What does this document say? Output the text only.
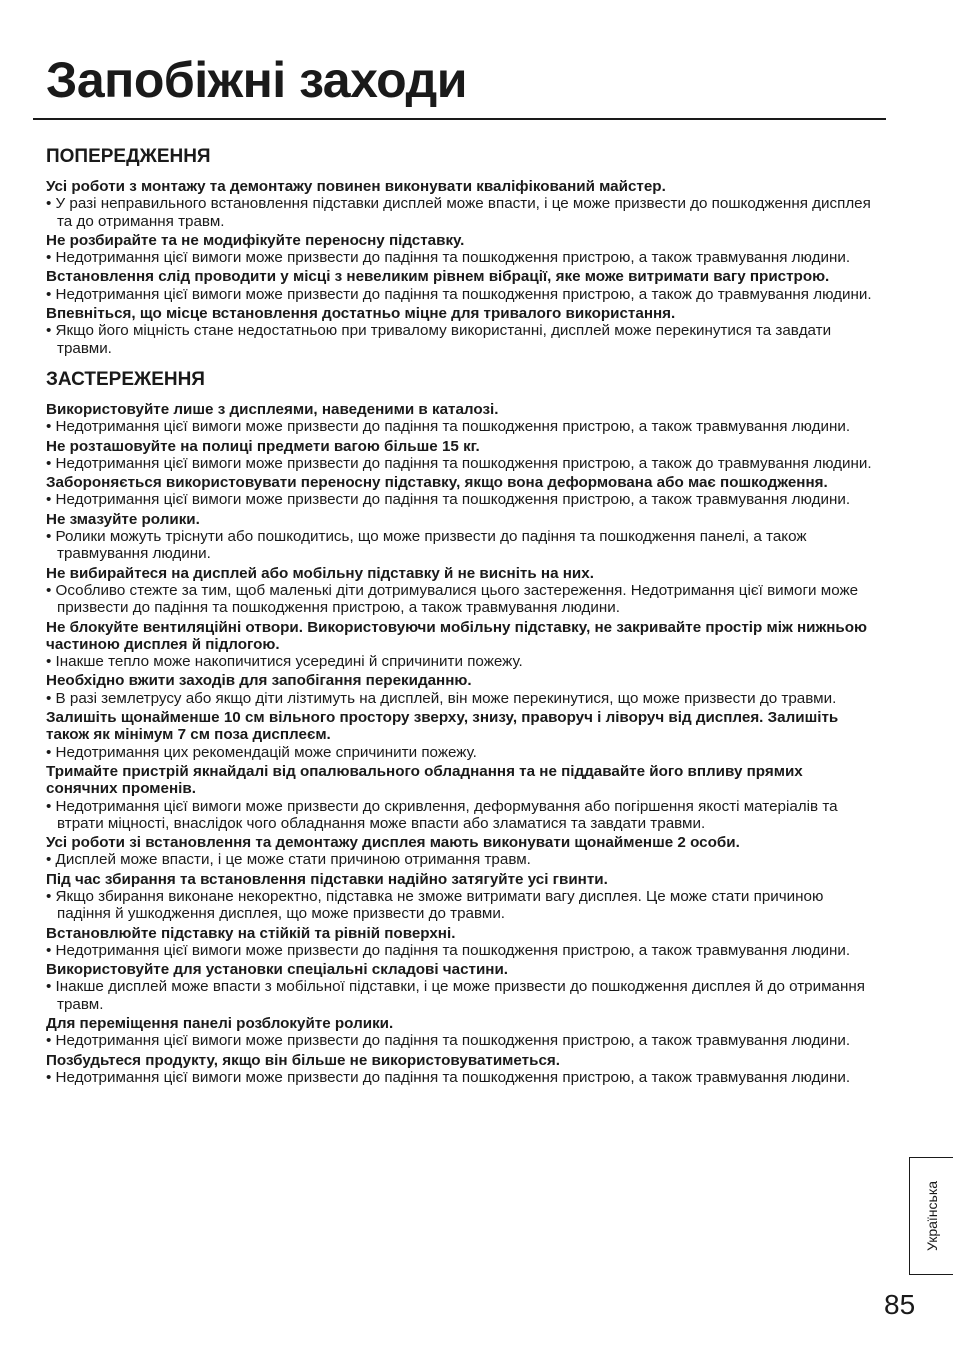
Запобіжні заходи
ПОПЕРЕДЖЕННЯ
Усі роботи з монтажу та демонтажу повинен виконувати кваліфікований майстер.
• У разі неправильного встановлення підставки дисплей може впасти, і це може призвести до пошкодження дисплея та до отримання травм.
Не розбирайте та не модифікуйте переносну підставку.
• Недотримання цієї вимоги може призвести до падіння та пошкодження пристрою, а також травмування людини.
Встановлення слід проводити у місці з невеликим рівнем вібрації, яке може витримати вагу пристрою.
• Недотримання цієї вимоги може призвести до падіння та пошкодження пристрою, а також до травмування людини.
Впевніться, що місце встановлення достатньо міцне для тривалого використання.
• Якщо його міцність стане недостатньою при тривалому використанні, дисплей може перекинутися та завдати травми.
ЗАСТЕРЕЖЕННЯ
Використовуйте лише з дисплеями, наведеними в каталозі.
• Недотримання цієї вимоги може призвести до падіння та пошкодження пристрою, а також травмування людини.
Не розташовуйте на полиці предмети вагою більше 15 кг.
• Недотримання цієї вимоги може призвести до падіння та пошкодження пристрою, а також до травмування людини.
Забороняється використовувати переносну підставку, якщо вона деформована або має пошкодження.
• Недотримання цієї вимоги може призвести до падіння та пошкодження пристрою, а також травмування людини.
Не змазуйте ролики.
• Ролики можуть тріснути або пошкодитись, що може призвести до падіння та пошкодження панелі, а також травмування людини.
Не вибирайтеся на дисплей або мобільну підставку й не висніть на них.
• Особливо стежте за тим, щоб маленькі діти дотримувалися цього застереження. Недотримання цієї вимоги може призвести до падіння та пошкодження пристрою, а також травмування людини.
Не блокуйте вентиляційні отвори. Використовуючи мобільну підставку, не закривайте простір між нижньою частиною дисплея й підлогою.
• Інакше тепло може накопичитися усередині й спричинити пожежу.
Необхідно вжити заходів для запобігання перекиданню.
• В разі землетрусу або якщо діти лізтимуть на дисплей, він може перекинутися, що може призвести до травми.
Залишіть щонайменше 10 см вільного простору зверху, знизу, праворуч і ліворуч від дисплея. Залишіть також як мінімум 7 см поза дисплеєм.
• Недотримання цих рекомендацій може спричинити пожежу.
Тримайте пристрій якнайдалі від опалювального обладнання та не піддавайте його впливу прямих сонячних променів.
• Недотримання цієї вимоги може призвести до скривлення, деформування або погіршення якості матеріалів та втрати міцності, внаслідок чого обладнання може впасти або зламатися та завдати травми.
Усі роботи зі встановлення та демонтажу дисплея мають виконувати щонайменше 2 особи.
• Дисплей може впасти, і це може стати причиною отримання травм.
Під час збирання та встановлення підставки надійно затягуйте усі гвинти.
• Якщо збирання виконане некоректно, підставка не зможе витримати вагу дисплея. Це може стати причиною падіння й ушкодження дисплея, що може призвести до травми.
Встановлюйте підставку на стійкій та рівній поверхні.
• Недотримання цієї вимоги може призвести до падіння та пошкодження пристрою, а також травмування людини.
Використовуйте для установки спеціальні складові частини.
• Інакше дисплей може впасти з мобільної підставки, і це може призвести до пошкодження дисплея й до отримання травм.
Для переміщення панелі розблокуйте ролики.
• Недотримання цієї вимоги може призвести до падіння та пошкодження пристрою, а також травмування людини.
Позбудьтеся продукту, якщо він більше не використовуватиметься.
• Недотримання цієї вимоги може призвести до падіння та пошкодження пристрою, а також травмування людини.
Українська
85
